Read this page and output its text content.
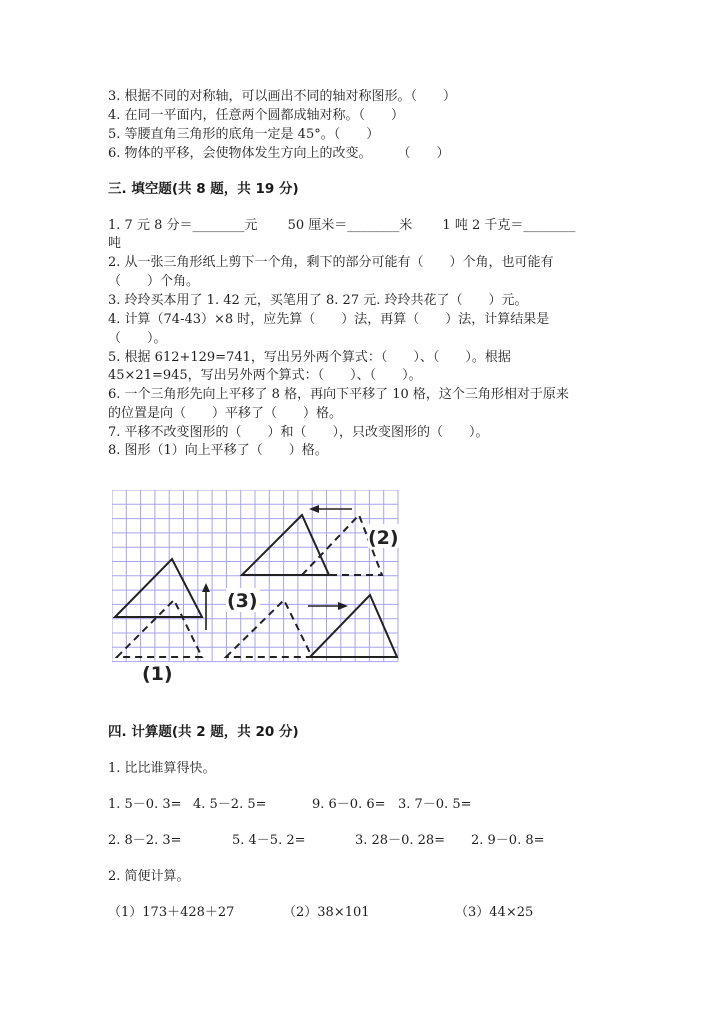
3. 根据不同的对称轴，可以画出不同的轴对称图形。（　　）
4. 在同一平面内，任意两个圆都成轴对称。（　　）
5. 等腰直角三角形的底角一定是 45°。（　　）
6. 物体的平移，会使物体发生方向上的改变。　　　（　　）
三. 填空题(共 8 题，共 19 分)
1. 7 元 8 分＝________元　　 50 厘米＝________米　　 1 吨 2 千克＝________
吨
2. 从一张三角形纸上剪下一个角，剩下的部分可能有（　　）个角，也可能有
（　　）个角。
3. 玲玲买本用了 1. 42 元，买笔用了 8. 27 元. 玲玲共花了（　　）元。
4. 计算（74-43）×8 时，应先算（　　）法，再算（　　）法，计算结果是
（　　）。
5. 根据 612+129=741，写出另外两个算式：（　　）、（　　）。根据
45×21=945，写出另外两个算式：（　　）、（　　）。
6. 一个三角形先向上平移了 8 格，再向下平移了 10 格，这个三角形相对于原来
的位置是向（　　）平移了（　　）格。
7. 平移不改变图形的（　　）和（　　），只改变图形的（　　）。
8. 图形（1）向上平移了（　　）格。
(1)
(2)
(3)
四. 计算题(共 2 题，共 20 分)
1. 比比谁算得快。
1. 5－0. 3= 4. 5－2. 5=	9. 6－0. 6= 3. 7－0. 5=
2. 8－2. 3=	5. 4－5. 2=	3. 28－0. 28= 2. 9－0. 8=
2. 简便计算。
（1）173＋428＋27	（2）38×101	（3）44×25
